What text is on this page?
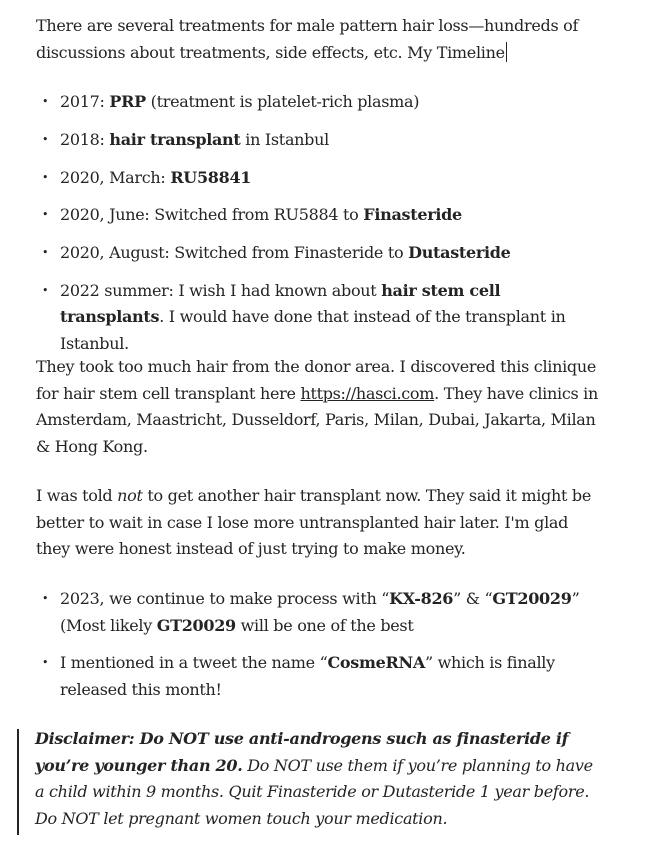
There are several treatments for male pattern hair loss—hundreds of discussions about treatments, side effects, etc. My Timeline

• 2017: PRP (treatment is platelet-rich plasma)
• 2018: hair transplant in Istanbul
• 2020, March: RU58841
• 2020, June: Switched from RU5884 to Finasteride
• 2020, August: Switched from Finasteride to Dutasteride
• 2022 summer: I wish I had known about hair stem cell transplants. I would have done that instead of the transplant in Istanbul.

They took too much hair from the donor area. I discovered this clinique for hair stem cell transplant here https://hasci.com. They have clinics in Amsterdam, Maastricht, Dusseldorf, Paris, Milan, Dubai, Jakarta, Milan & Hong Kong.

I was told not to get another hair transplant now. They said it might be better to wait in case I lose more untransplanted hair later. I'm glad they were honest instead of just trying to make money.

• 2023, we continue to make process with “KX-826” & “GT20029” (Most likely GT20029 will be one of the best
• I mentioned in a tweet the name “CosmeRNA” which is finally released this month!

Disclaimer: Do NOT use anti-androgens such as finasteride if you’re younger than 20. Do NOT use them if you’re planning to have a child within 9 months. Quit Finasteride or Dutasteride 1 year before. Do NOT let pregnant women touch your medication.
